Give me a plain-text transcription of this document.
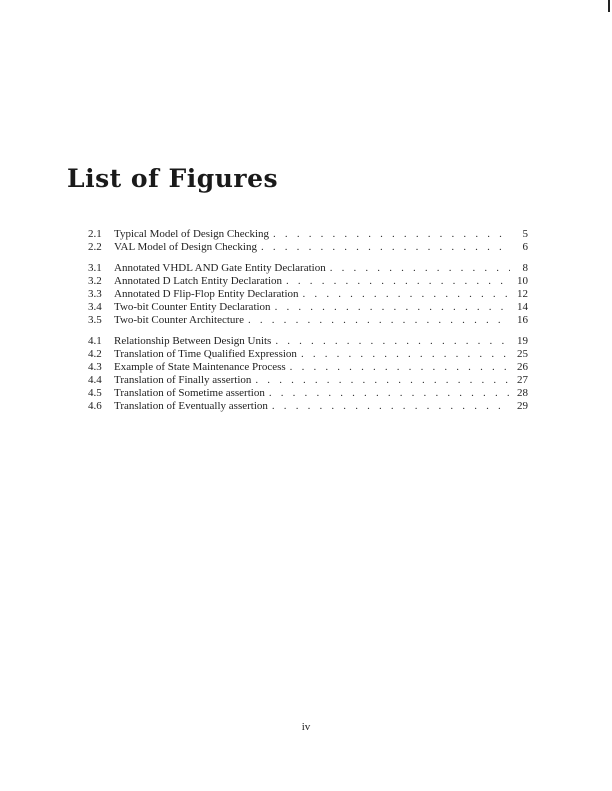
List of Figures
2.1	Typical Model of Design Checking . . .	5
2.2	VAL Model of Design Checking . . .	6
3.1	Annotated VHDL AND Gate Entity Declaration . . .	8
3.2	Annotated D Latch Entity Declaration . . .	10
3.3	Annotated D Flip-Flop Entity Declaration . . .	12
3.4	Two-bit Counter Entity Declaration . . .	14
3.5	Two-bit Counter Architecture . . .	16
4.1	Relationship Between Design Units . . .	19
4.2	Translation of Time Qualified Expression . . .	25
4.3	Example of State Maintenance Process . . .	26
4.4	Translation of Finally assertion . . .	27
4.5	Translation of Sometime assertion . . .	28
4.6	Translation of Eventually assertion . . .	29
iv
